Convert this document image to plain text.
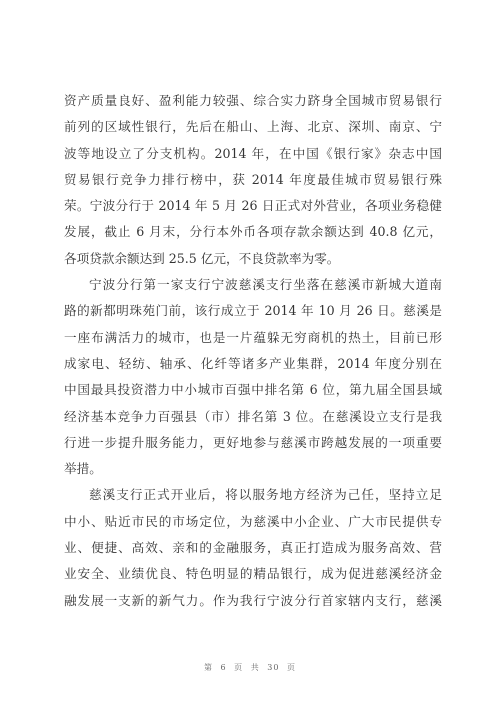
资产质量良好、盈利能力较强、综合实力跻身全国城市贸易银行
前列的区域性银行，先后在船山、上海、北京、深圳、南京、宁
波等地设立了分支机构。2014 年，在中国《银行家》杂志中国
贸易银行竞争力排行榜中，获 2014 年度最佳城市贸易银行殊
荣。宁波分行于 2014 年 5 月 26 日正式对外营业，各项业务稳健
发展，截止 6 月末，分行本外币各项存款余额达到 40.8 亿元，
各项贷款余额达到 25.5 亿元，不良贷款率为零。
宁波分行第一家支行宁波慈溪支行坐落在慈溪市新城大道南
路的新都明珠苑门前，该行成立于 2014 年 10 月 26 日。慈溪是
一座布满活力的城市，也是一片蕴躲无穷商机的热土，目前已形
成家电、轻纺、轴承、化纤等诸多产业集群，2014 年度分别在
中国最具投资潜力中小城市百强中排名第 6 位，第九届全国县域
经济基本竞争力百强县（市）排名第 3 位。在慈溪设立支行是我
行进一步提升服务能力，更好地参与慈溪市跨越发展的一项重要
举措。
慈溪支行正式开业后，将以服务地方经济为己任，坚持立足
中小、贴近市民的市场定位，为慈溪中小企业、广大市民提供专
业、便捷、高效、亲和的金融服务，真正打造成为服务高效、营
业安全、业绩优良、特色明显的精品银行，成为促进慈溪经济金
融发展一支新的新气力。作为我行宁波分行首家辖内支行，慈溪
第 6 页 共 30 页
